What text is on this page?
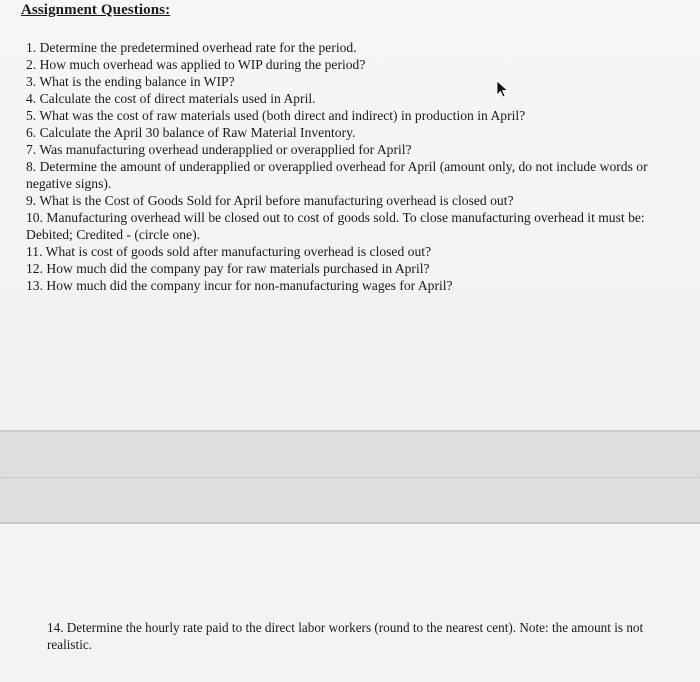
Assignment Questions:
1. Determine the predetermined overhead rate for the period.
2. How much overhead was applied to WIP during the period?
3. What is the ending balance in WIP?
4. Calculate the cost of direct materials used in April.
5. What was the cost of raw materials used (both direct and indirect) in production in April?
6. Calculate the April 30 balance of Raw Material Inventory.
7. Was manufacturing overhead underapplied or overapplied for April?
8. Determine the amount of underapplied or overapplied overhead for April (amount only, do not include words or negative signs).
9. What is the Cost of Goods Sold for April before manufacturing overhead is closed out?
10. Manufacturing overhead will be closed out to cost of goods sold. To close manufacturing overhead it must be: Debited; Credited - (circle one).
11. What is cost of goods sold after manufacturing overhead is closed out?
12. How much did the company pay for raw materials purchased in April?
13. How much did the company incur for non-manufacturing wages for April?
14. Determine the hourly rate paid to the direct labor workers (round to the nearest cent). Note: the amount is not realistic.
